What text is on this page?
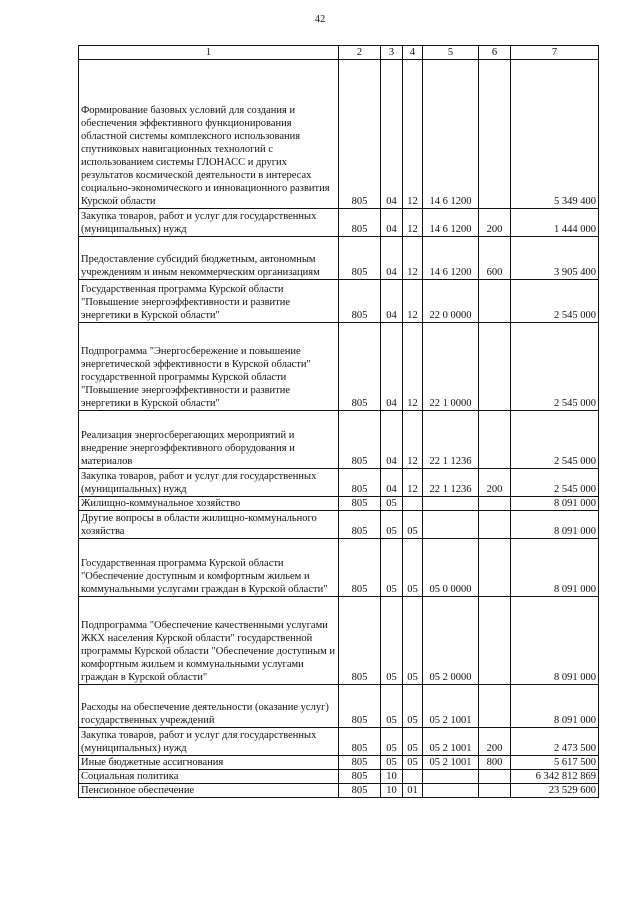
42
1	2	3	4	5	6	7
Формирование базовых условий для создания и обеспечения эффективного функционирования областной системы комплексного использования спутниковых навигационных технологий с использованием системы ГЛОНАСС и других результатов космической деятельности в интересах социально-экономического и инновационного развития Курской области	805	04	12	14 6 1200		5 349 400
Закупка товаров, работ и услуг для государственных (муниципальных) нужд	805	04	12	14 6 1200	200	1 444 000
Предоставление субсидий бюджетным, автономным учреждениям и иным некоммерческим организациям	805	04	12	14 6 1200	600	3 905 400
Государственная программа Курской области "Повышение энергоэффективности и развитие энергетики в Курской области"	805	04	12	22 0 0000		2 545 000
Подпрограмма "Энергосбережение и повышение энергетической эффективности в Курской области" государственной программы Курской области "Повышение энергоэффективности и развитие энергетики в Курской области"	805	04	12	22 1 0000		2 545 000
Реализация энергосберегающих мероприятий и внедрение энергоэффективного оборудования и материалов	805	04	12	22 1 1236		2 545 000
Закупка товаров, работ и услуг для государственных (муниципальных) нужд	805	04	12	22 1 1236	200	2 545 000
Жилищно-коммунальное хозяйство	805	05				8 091 000
Другие вопросы в области жилищно-коммунального хозяйства	805	05	05			8 091 000
Государственная программа Курской области "Обеспечение доступным и комфортным жильем и коммунальными услугами граждан в Курской области"	805	05	05	05 0 0000		8 091 000
Подпрограмма "Обеспечение качественными услугами ЖКХ населения Курской области" государственной программы Курской области "Обеспечение доступным и комфортным жильем и коммунальными услугами граждан в Курской области"	805	05	05	05 2 0000		8 091 000
Расходы на обеспечение деятельности (оказание услуг) государственных учреждений	805	05	05	05 2 1001		8 091 000
Закупка товаров, работ и услуг для государственных (муниципальных) нужд	805	05	05	05 2 1001	200	2 473 500
Иные бюджетные ассигнования	805	05	05	05 2 1001	800	5 617 500
Социальная политика	805	10				6 342 812 869
Пенсионное обеспечение	805	10	01			23 529 600
